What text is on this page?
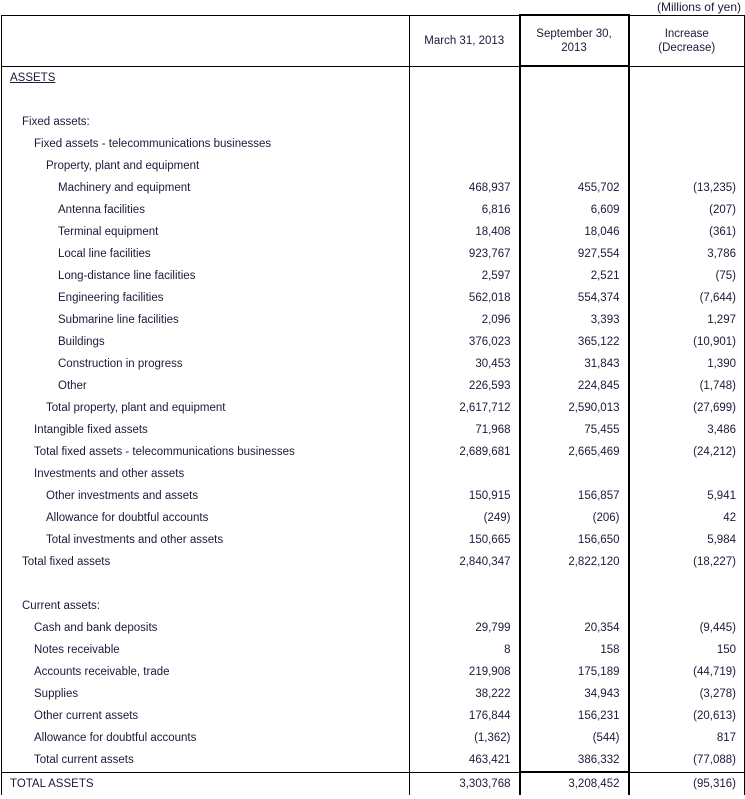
(Millions of yen)
	March 31, 2013	September 30, 2013	Increase
(Decrease)
ASSETS			

Fixed assets:			
Fixed assets - telecommunications businesses			
Property, plant and equipment			
Machinery and equipment	468,937	455,702	(13,235)
Antenna facilities	6,816	6,609	(207)
Terminal equipment	18,408	18,046	(361)
Local line facilities	923,767	927,554	3,786
Long-distance line facilities	2,597	2,521	(75)
Engineering facilities	562,018	554,374	(7,644)
Submarine line facilities	2,096	3,393	1,297
Buildings	376,023	365,122	(10,901)
Construction in progress	30,453	31,843	1,390
Other	226,593	224,845	(1,748)
Total property, plant and equipment	2,617,712	2,590,013	(27,699)
Intangible fixed assets	71,968	75,455	3,486
Total fixed assets - telecommunications businesses	2,689,681	2,665,469	(24,212)
Investments and other assets			
Other investments and assets	150,915	156,857	5,941
Allowance for doubtful accounts	(249)	(206)	42
Total investments and other assets	150,665	156,650	5,984
Total fixed assets	2,840,347	2,822,120	(18,227)

Current assets:			
Cash and bank deposits	29,799	20,354	(9,445)
Notes receivable	8	158	150
Accounts receivable, trade	219,908	175,189	(44,719)
Supplies	38,222	34,943	(3,278)
Other current assets	176,844	156,231	(20,613)
Allowance for doubtful accounts	(1,362)	(544)	817
Total current assets	463,421	386,332	(77,088)
TOTAL ASSETS	3,303,768	3,208,452	(95,316)
